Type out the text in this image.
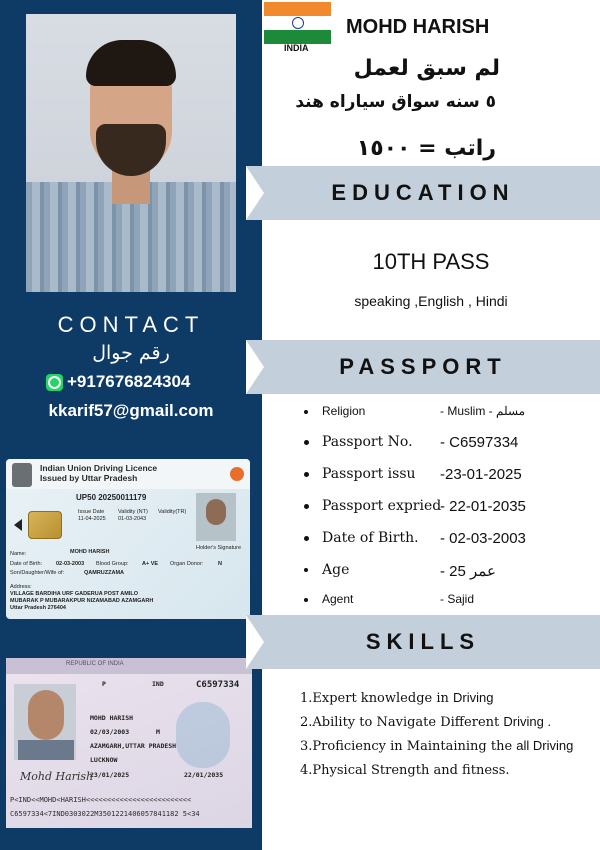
CONTACT
رقم جوال
+917676824304
kkarif57@gmail.com
Indian Union Driving Licence
Issued by Uttar Pradesh
UP50 20250011179
Issue Date
11-04-2025
Validity (NT)
01-03-2043
Validity(TR)
Holder's Signature
Name:	MOHD HARISH
Date of Birth:	02-03-2003 Blood Group: A+ VE Organ Donor:	N
Son/Daughter/Wife of:	QAMRUZZAMA
Address:
VILLAGE BARDIHA URF GADERUA POST AMILO
MUBARAK P MUBARAKPUR NIZAMABAD AZAMGARH
Uttar Pradesh 276404
REPUBLIC OF INDIA
P	IND	C6597334
MOHD HARISH
02/03/2003	M
AZAMGARH,UTTAR PRADESH
LUCKNOW
23/01/2025	22/01/2035
Mohd Harish
P<IND<<MOHD<HARISH<<<<<<<<<<<<<<<<<<<<<<<<<
C6597334<7IND0303022M3501221406057841182 5<34
INDIA
MOHD HARISH
لم سبق لعمل
٥ سنه سواق سياراه هند
راتب = ١٥٠٠
EDUCATION
10TH PASS
speaking ,English , Hindi
PASSPORT
Religion	- Muslim - مسلم
Passport No. - C6597334
Passport issu -23-01-2025
Passport expried
- 22-01-2035
Date of Birth. - 02-03-2003
Age	- عمر 25
Agent	- Sajid
SKILLS
1.Expert knowledge in Driving
2.Ability to Navigate Different Driving .
3.Proficiency in Maintaining the all Driving
4.Physical Strength and fitness.
